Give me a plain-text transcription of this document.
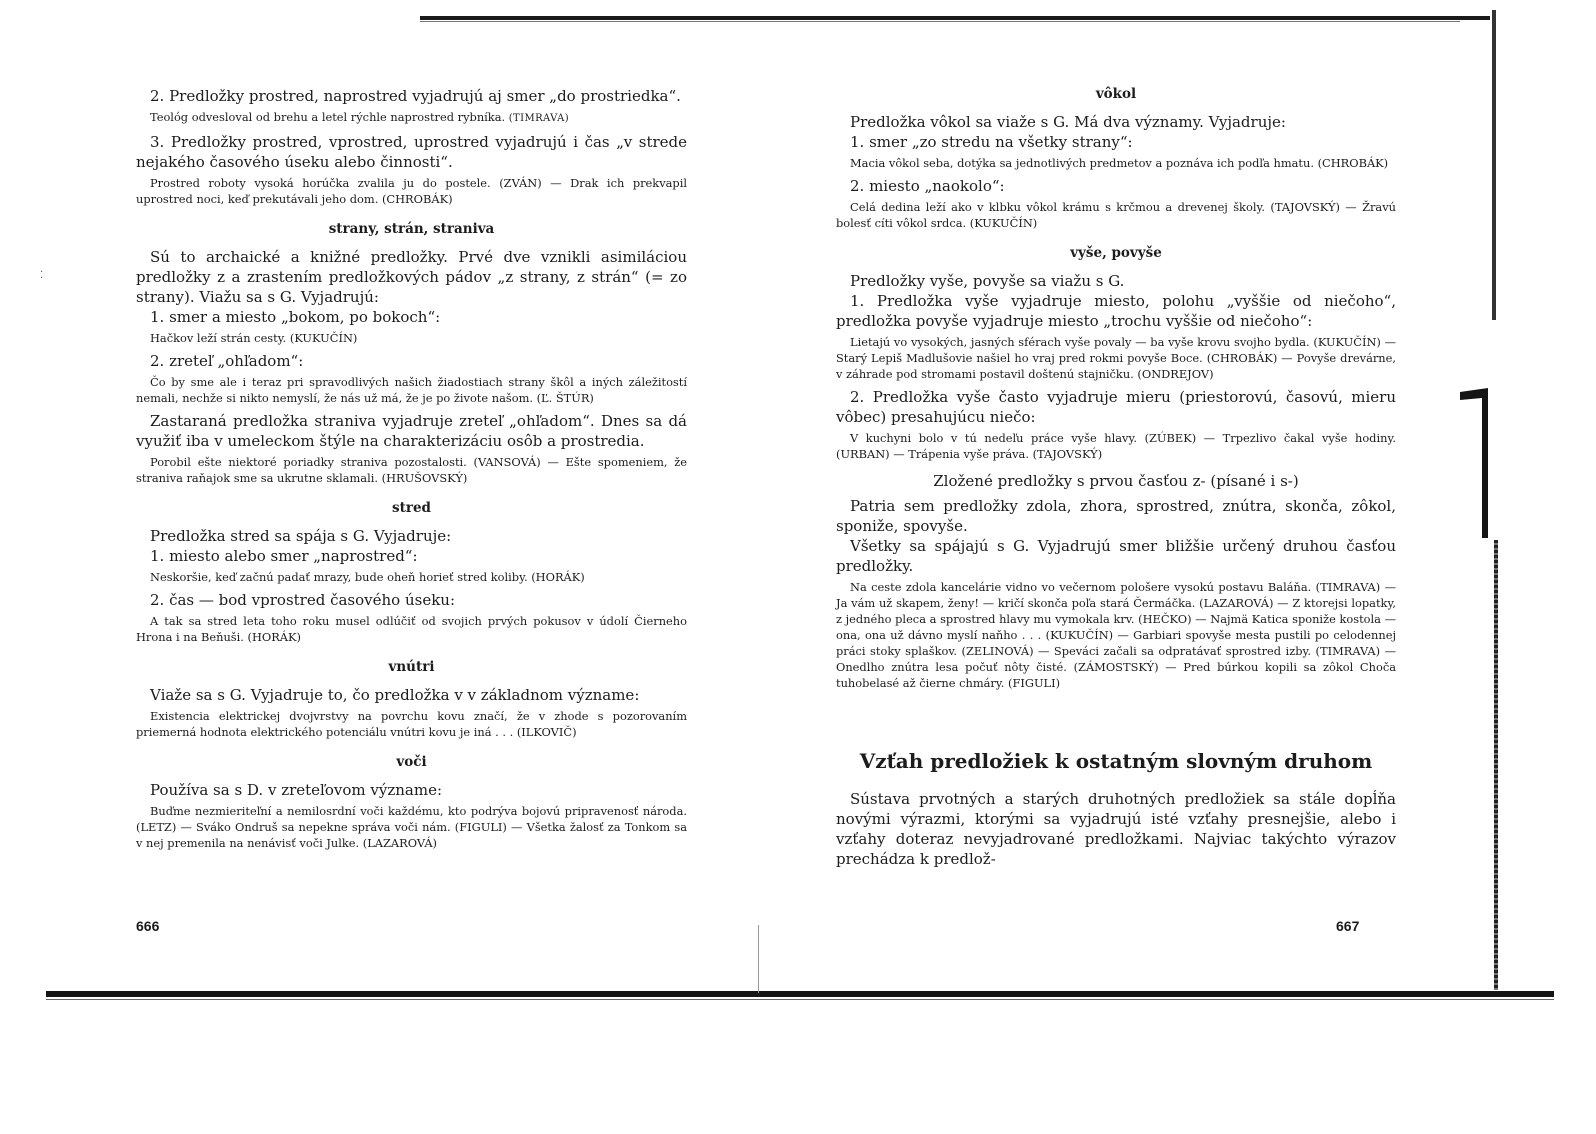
⁚

2. Predložky prostred, naprostred vyjadrujú aj smer „do prostriedka“.

Teológ odvesloval od brehu a letel rýchle naprostred rybníka. (TIMRAVA)

3. Predložky prostred, vprostred, uprostred vyjadrujú i čas „v strede nejakého časového úseku alebo činnosti“.

Prostred roboty vysoká horúčka zvalila ju do postele. (ZVÁN) — Drak ich prekvapil uprostred noci, keď prekutávali jeho dom. (CHROBÁK)

strany, strán, straniva

Sú to archaické a knižné predložky. Prvé dve vznikli asimiláciou predložky z a zrastením predložkových pádov „z strany, z strán“ (= zo strany). Viažu sa s G. Vyjadrujú:

1. smer a miesto „bokom, po bokoch“:

Hačkov leží strán cesty. (KUKUČÍN)

2. zreteľ „ohľadom“:

Čo by sme ale i teraz pri spravodlivých našich žiadostiach strany škôl a iných záležitostí nemali, nechže si nikto nemyslí, že nás už má, že je po živote našom. (Ľ. ŠTÚR)

Zastaraná predložka straniva vyjadruje zreteľ „ohľadom“. Dnes sa dá využiť iba v umeleckom štýle na charakterizáciu osôb a prostredia.

Porobil ešte niektoré poriadky straniva pozostalosti. (VANSOVÁ) — Ešte spomeniem, že straniva raňajok sme sa ukrutne sklamali. (HRUŠOVSKÝ)

stred

Predložka stred sa spája s G. Vyjadruje:

1. miesto alebo smer „naprostred“:

Neskoršie, keď začnú padať mrazy, bude oheň horieť stred koliby. (HORÁK)

2. čas — bod vprostred časového úseku:

A tak sa stred leta toho roku musel odlúčiť od svojich prvých pokusov v údolí Čierneho Hrona i na Beňuši. (HORÁK)

vnútri

Viaže sa s G. Vyjadruje to, čo predložka v v základnom význame:

Existencia elektrickej dvojvrstvy na povrchu kovu značí, že v zhode s pozorovaním priemerná hodnota elektrického potenciálu vnútri kovu je iná . . . (ILKOVIČ)

voči

Používa sa s D. v zreteľovom význame:

Buďme nezmieriteľní a nemilosrdní voči každému, kto podrýva bojovú pripravenosť národa. (LETZ) — Sváko Ondruš sa nepekne správa voči nám. (FIGULI) — Všetka žalosť za Tonkom sa v nej premenila na nenávisť voči Julke. (LAZAROVÁ)

666
vôkol

Predložka vôkol sa viaže s G. Má dva významy. Vyjadruje:

1. smer „zo stredu na všetky strany“:

Macia vôkol seba, dotýka sa jednotlivých predmetov a poznáva ich podľa hmatu. (CHROBÁK)

2. miesto „naokolo“:

Celá dedina leží ako v klbku vôkol krámu s krčmou a drevenej školy. (TAJOVSKÝ) — Žravú bolesť cíti vôkol srdca. (KUKUČÍN)

vyše, povyše

Predložky vyše, povyše sa viažu s G.

1. Predložka vyše vyjadruje miesto, polohu „vyššie od niečoho“, predložka povyše vyjadruje miesto „trochu vyššie od niečoho“:

Lietajú vo vysokých, jasných sférach vyše povaly — ba vyše krovu svojho bydla. (KUKUČÍN) — Starý Lepiš Madlušovie našiel ho vraj pred rokmi povyše Boce. (CHROBÁK) — Povyše drevárne, v záhrade pod stromami postavil doštenú stajničku. (ONDREJOV)

2. Predložka vyše často vyjadruje mieru (priestorovú, časovú, mieru vôbec) presahujúcu niečo:

V kuchyni bolo v tú nedeľu práce vyše hlavy. (ZÚBEK) — Trpezlivo čakal vyše hodiny. (URBAN) — Trápenia vyše práva. (TAJOVSKÝ)

Zložené predložky s prvou časťou z- (písané i s-)

Patria sem predložky zdola, zhora, sprostred, znútra, skonča, zôkol, sponiže, spovyše.

Všetky sa spájajú s G. Vyjadrujú smer bližšie určený druhou časťou predložky.

Na ceste zdola kancelárie vidno vo večernom pološere vysokú postavu Baláňa. (TIMRAVA) — Ja vám už skapem, ženy! — kričí skonča poľa stará Čermáčka. (LAZAROVÁ) — Z ktorejsi lopatky, z jedného pleca a sprostred hlavy mu vymokala krv. (HEČKO) — Najmä Katica sponiže kostola — ona, ona už dávno myslí naňho . . . (KUKUČÍN) — Garbiari spovyše mesta pustili po celodennej práci stoky splaškov. (ZELINOVÁ) — Speváci začali sa odpratávať sprostred izby. (TIMRAVA) — Onedlho znútra lesa počuť nôty čisté. (ZÁMOSTSKÝ) — Pred búrkou kopili sa zôkol Choča tuhobelasé až čierne chmáry. (FIGULI)

Vzťah predložiek k ostatným slovným druhom

Sústava prvotných a starých druhotných predložiek sa stále dopĺňa novými výrazmi, ktorými sa vyjadrujú isté vzťahy presnejšie, alebo i vzťahy doteraz nevyjadrované predložkami. Najviac takýchto výrazov prechádza k predlož-

667
